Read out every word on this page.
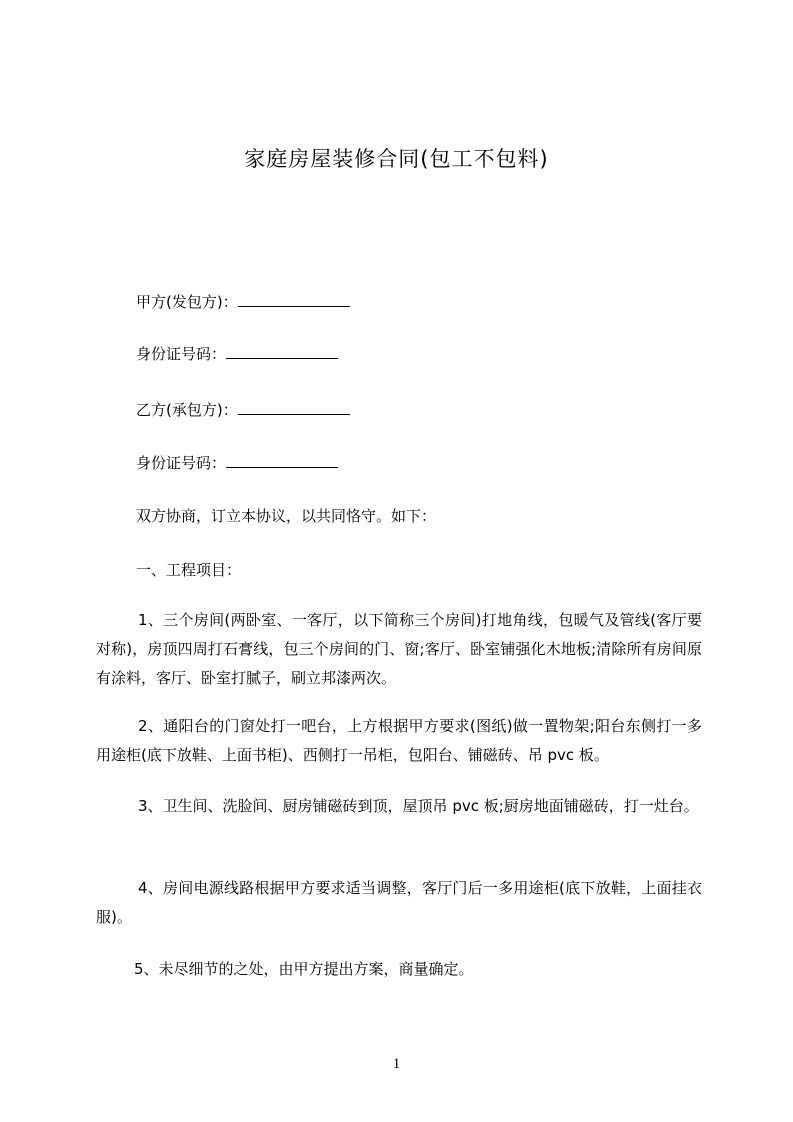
家庭房屋装修合同(包工不包料)
甲方(发包方)：
身份证号码：
乙方(承包方)：
身份证号码：
双方协商，订立本协议，以共同恪守。如下：
一、工程项目：
1、三个房间(两卧室、一客厅，以下简称三个房间)打地角线，包暖气及管线(客厅要对称)，房顶四周打石膏线，包三个房间的门、窗;客厅、卧室铺强化木地板;清除所有房间原有涂料，客厅、卧室打腻子，刷立邦漆两次。
2、通阳台的门窗处打一吧台，上方根据甲方要求(图纸)做一置物架;阳台东侧打一多用途柜(底下放鞋、上面书柜)、西侧打一吊柜，包阳台、铺磁砖、吊 pvc 板。
3、卫生间、洗脸间、厨房铺磁砖到顶，屋顶吊 pvc 板;厨房地面铺磁砖，打一灶台。
4、房间电源线路根据甲方要求适当调整，客厅门后一多用途柜(底下放鞋，上面挂衣服)。
5、未尽细节的之处，由甲方提出方案，商量确定。
1
